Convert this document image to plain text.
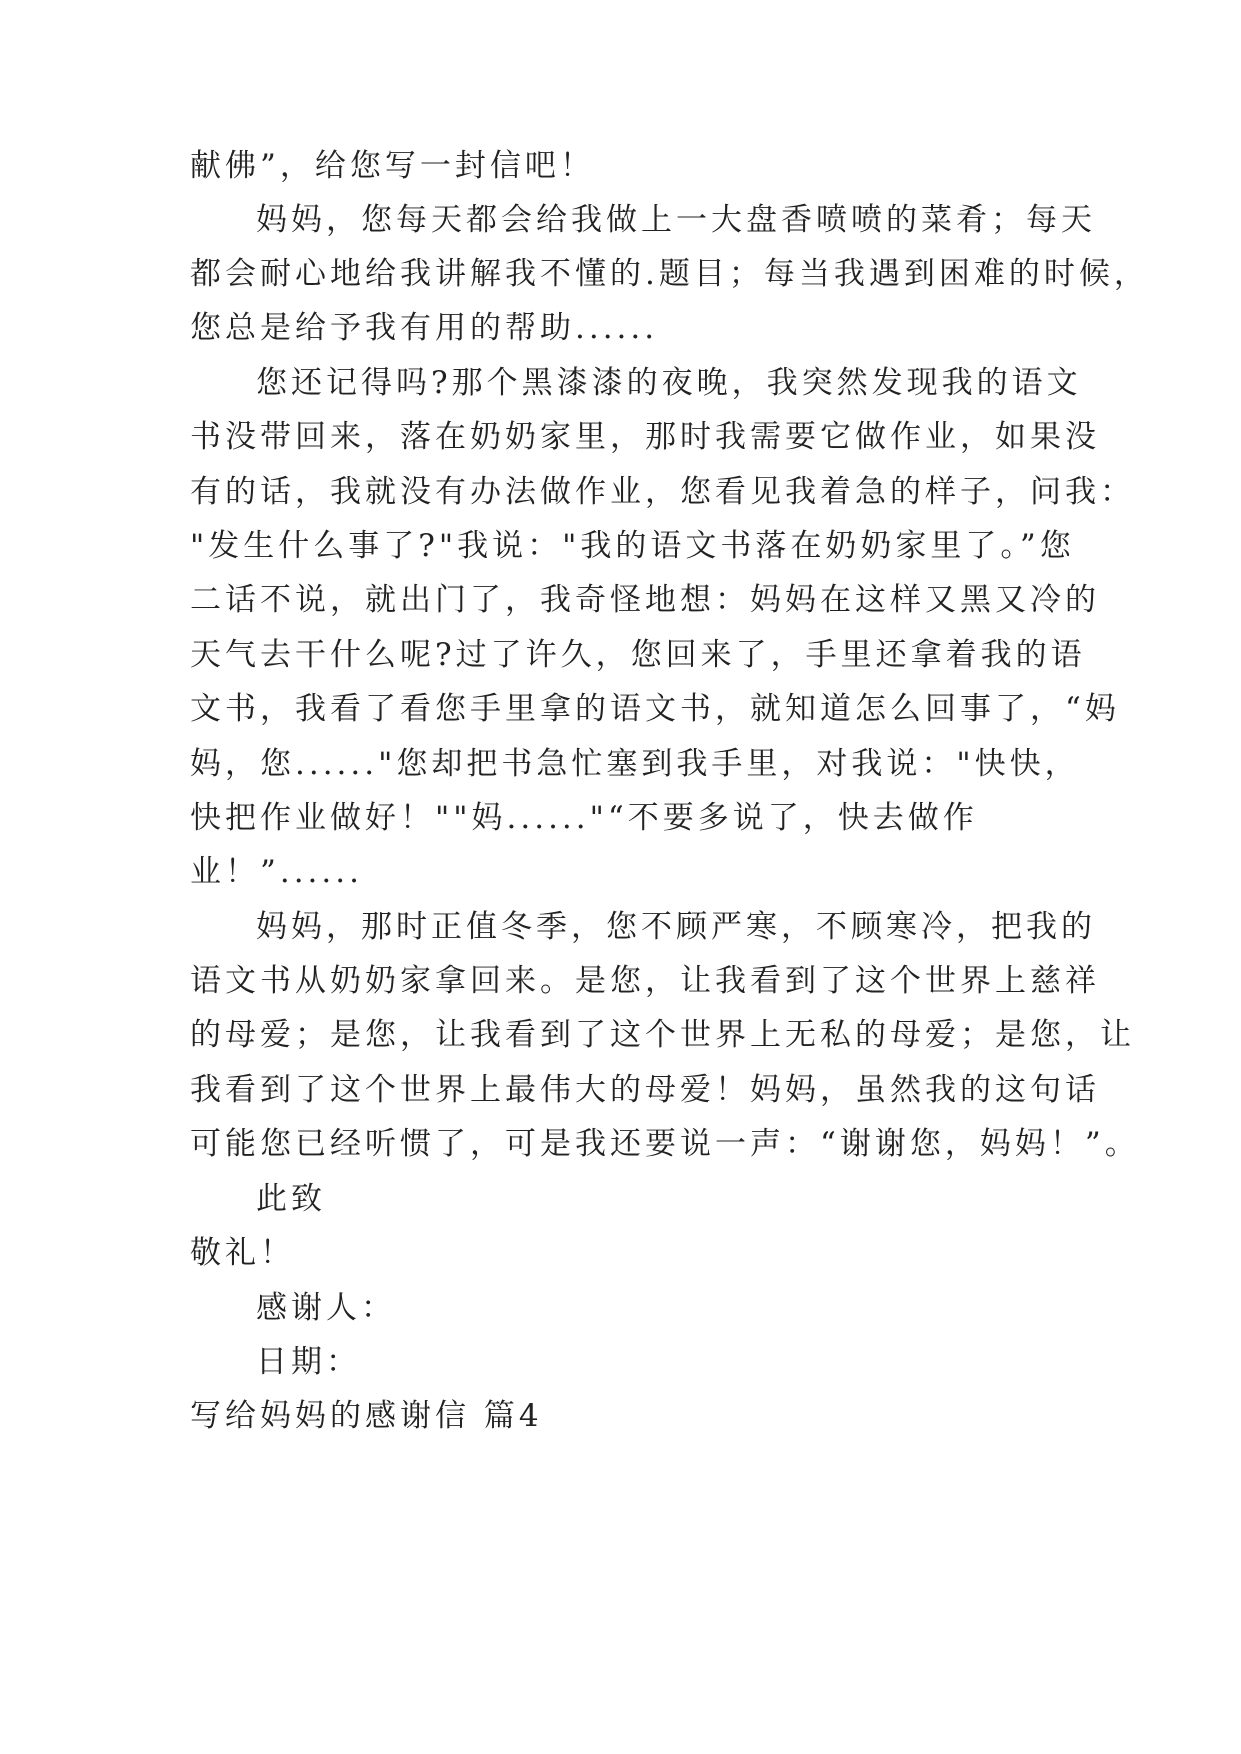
献佛”，给您写一封信吧！
妈妈，您每天都会给我做上一大盘香喷喷的菜肴；每天
都会耐心地给我讲解我不懂的.题目；每当我遇到困难的时候，
您总是给予我有用的帮助......
您还记得吗?那个黑漆漆的夜晚，我突然发现我的语文
书没带回来，落在奶奶家里，那时我需要它做作业，如果没
有的话，我就没有办法做作业，您看见我着急的样子，问我：
"发生什么事了?"我说："我的语文书落在奶奶家里了。”您
二话不说，就出门了，我奇怪地想：妈妈在这样又黑又冷的
天气去干什么呢?过了许久，您回来了，手里还拿着我的语
文书，我看了看您手里拿的语文书，就知道怎么回事了，“妈
妈，您......"您却把书急忙塞到我手里，对我说："快快，
快把作业做好！""妈......"“不要多说了，快去做作
业！”......
妈妈，那时正值冬季，您不顾严寒，不顾寒冷，把我的
语文书从奶奶家拿回来。是您，让我看到了这个世界上慈祥
的母爱；是您，让我看到了这个世界上无私的母爱；是您，让
我看到了这个世界上最伟大的母爱！妈妈，虽然我的这句话
可能您已经听惯了，可是我还要说一声：“谢谢您，妈妈！”。
此致
敬礼！
感谢人：
日期：
写给妈妈的感谢信 篇4
